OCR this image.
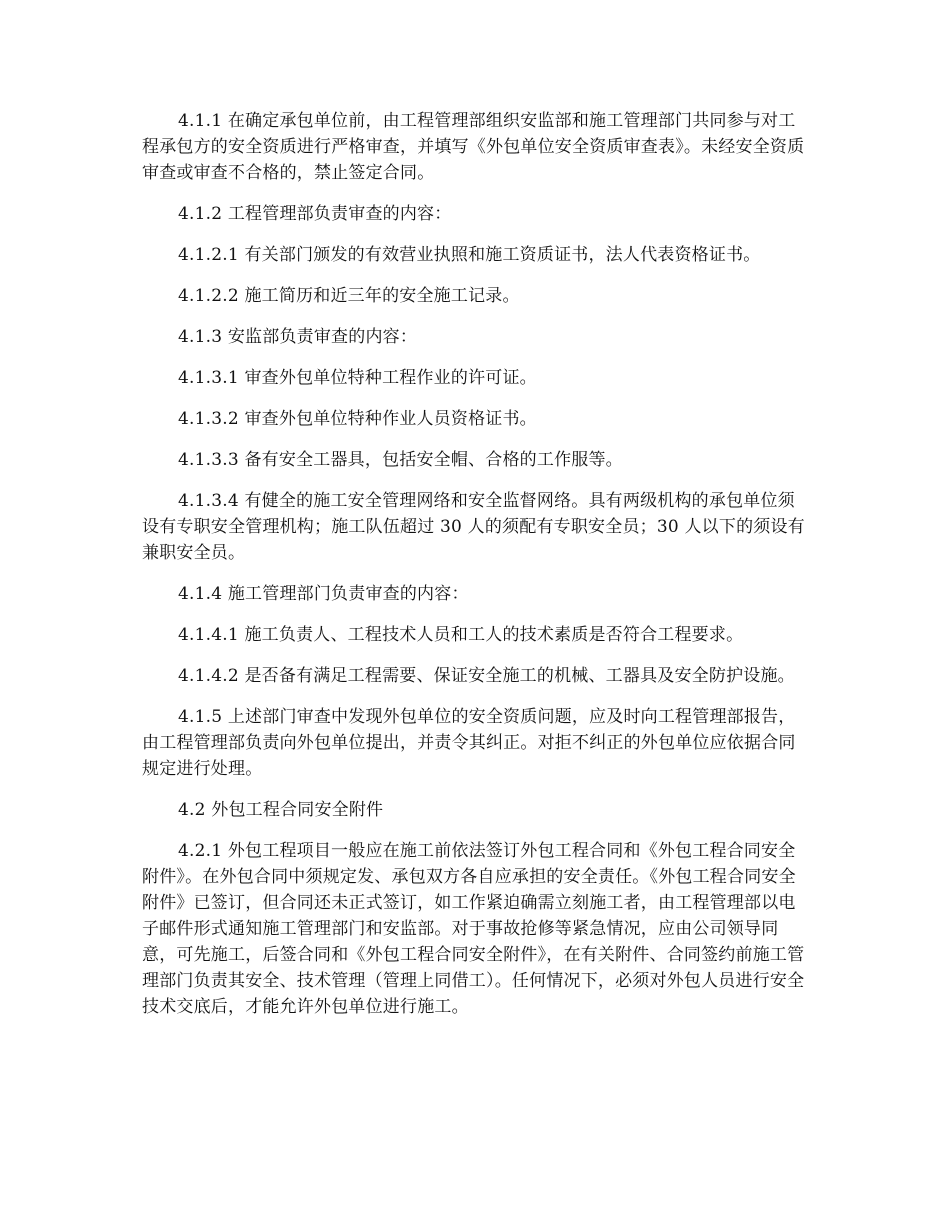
4.1.1 在确定承包单位前，由工程管理部组织安监部和施工管理部门共同参与对工程承包方的安全资质进行严格审查，并填写《外包单位安全资质审查表》。未经安全资质审查或审查不合格的，禁止签定合同。

4.1.2 工程管理部负责审查的内容：

4.1.2.1 有关部门颁发的有效营业执照和施工资质证书，法人代表资格证书。

4.1.2.2 施工简历和近三年的安全施工记录。

4.1.3 安监部负责审查的内容：

4.1.3.1 审查外包单位特种工程作业的许可证。

4.1.3.2 审查外包单位特种作业人员资格证书。

4.1.3.3 备有安全工器具，包括安全帽、合格的工作服等。

4.1.3.4 有健全的施工安全管理网络和安全监督网络。具有两级机构的承包单位须设有专职安全管理机构；施工队伍超过 30 人的须配有专职安全员；30 人以下的须设有兼职安全员。

4.1.4 施工管理部门负责审查的内容：

4.1.4.1 施工负责人、工程技术人员和工人的技术素质是否符合工程要求。

4.1.4.2 是否备有满足工程需要、保证安全施工的机械、工器具及安全防护设施。

4.1.5 上述部门审查中发现外包单位的安全资质问题，应及时向工程管理部报告，由工程管理部负责向外包单位提出，并责令其纠正。对拒不纠正的外包单位应依据合同规定进行处理。

4.2 外包工程合同安全附件

4.2.1 外包工程项目一般应在施工前依法签订外包工程合同和《外包工程合同安全附件》。在外包合同中须规定发、承包双方各自应承担的安全责任。《外包工程合同安全附件》已签订，但合同还未正式签订，如工作紧迫确需立刻施工者，由工程管理部以电子邮件形式通知施工管理部门和安监部。对于事故抢修等紧急情况，应由公司领导同意，可先施工，后签合同和《外包工程合同安全附件》，在有关附件、合同签约前施工管理部门负责其安全、技术管理（管理上同借工）。任何情况下，必须对外包人员进行安全技术交底后，才能允许外包单位进行施工。
